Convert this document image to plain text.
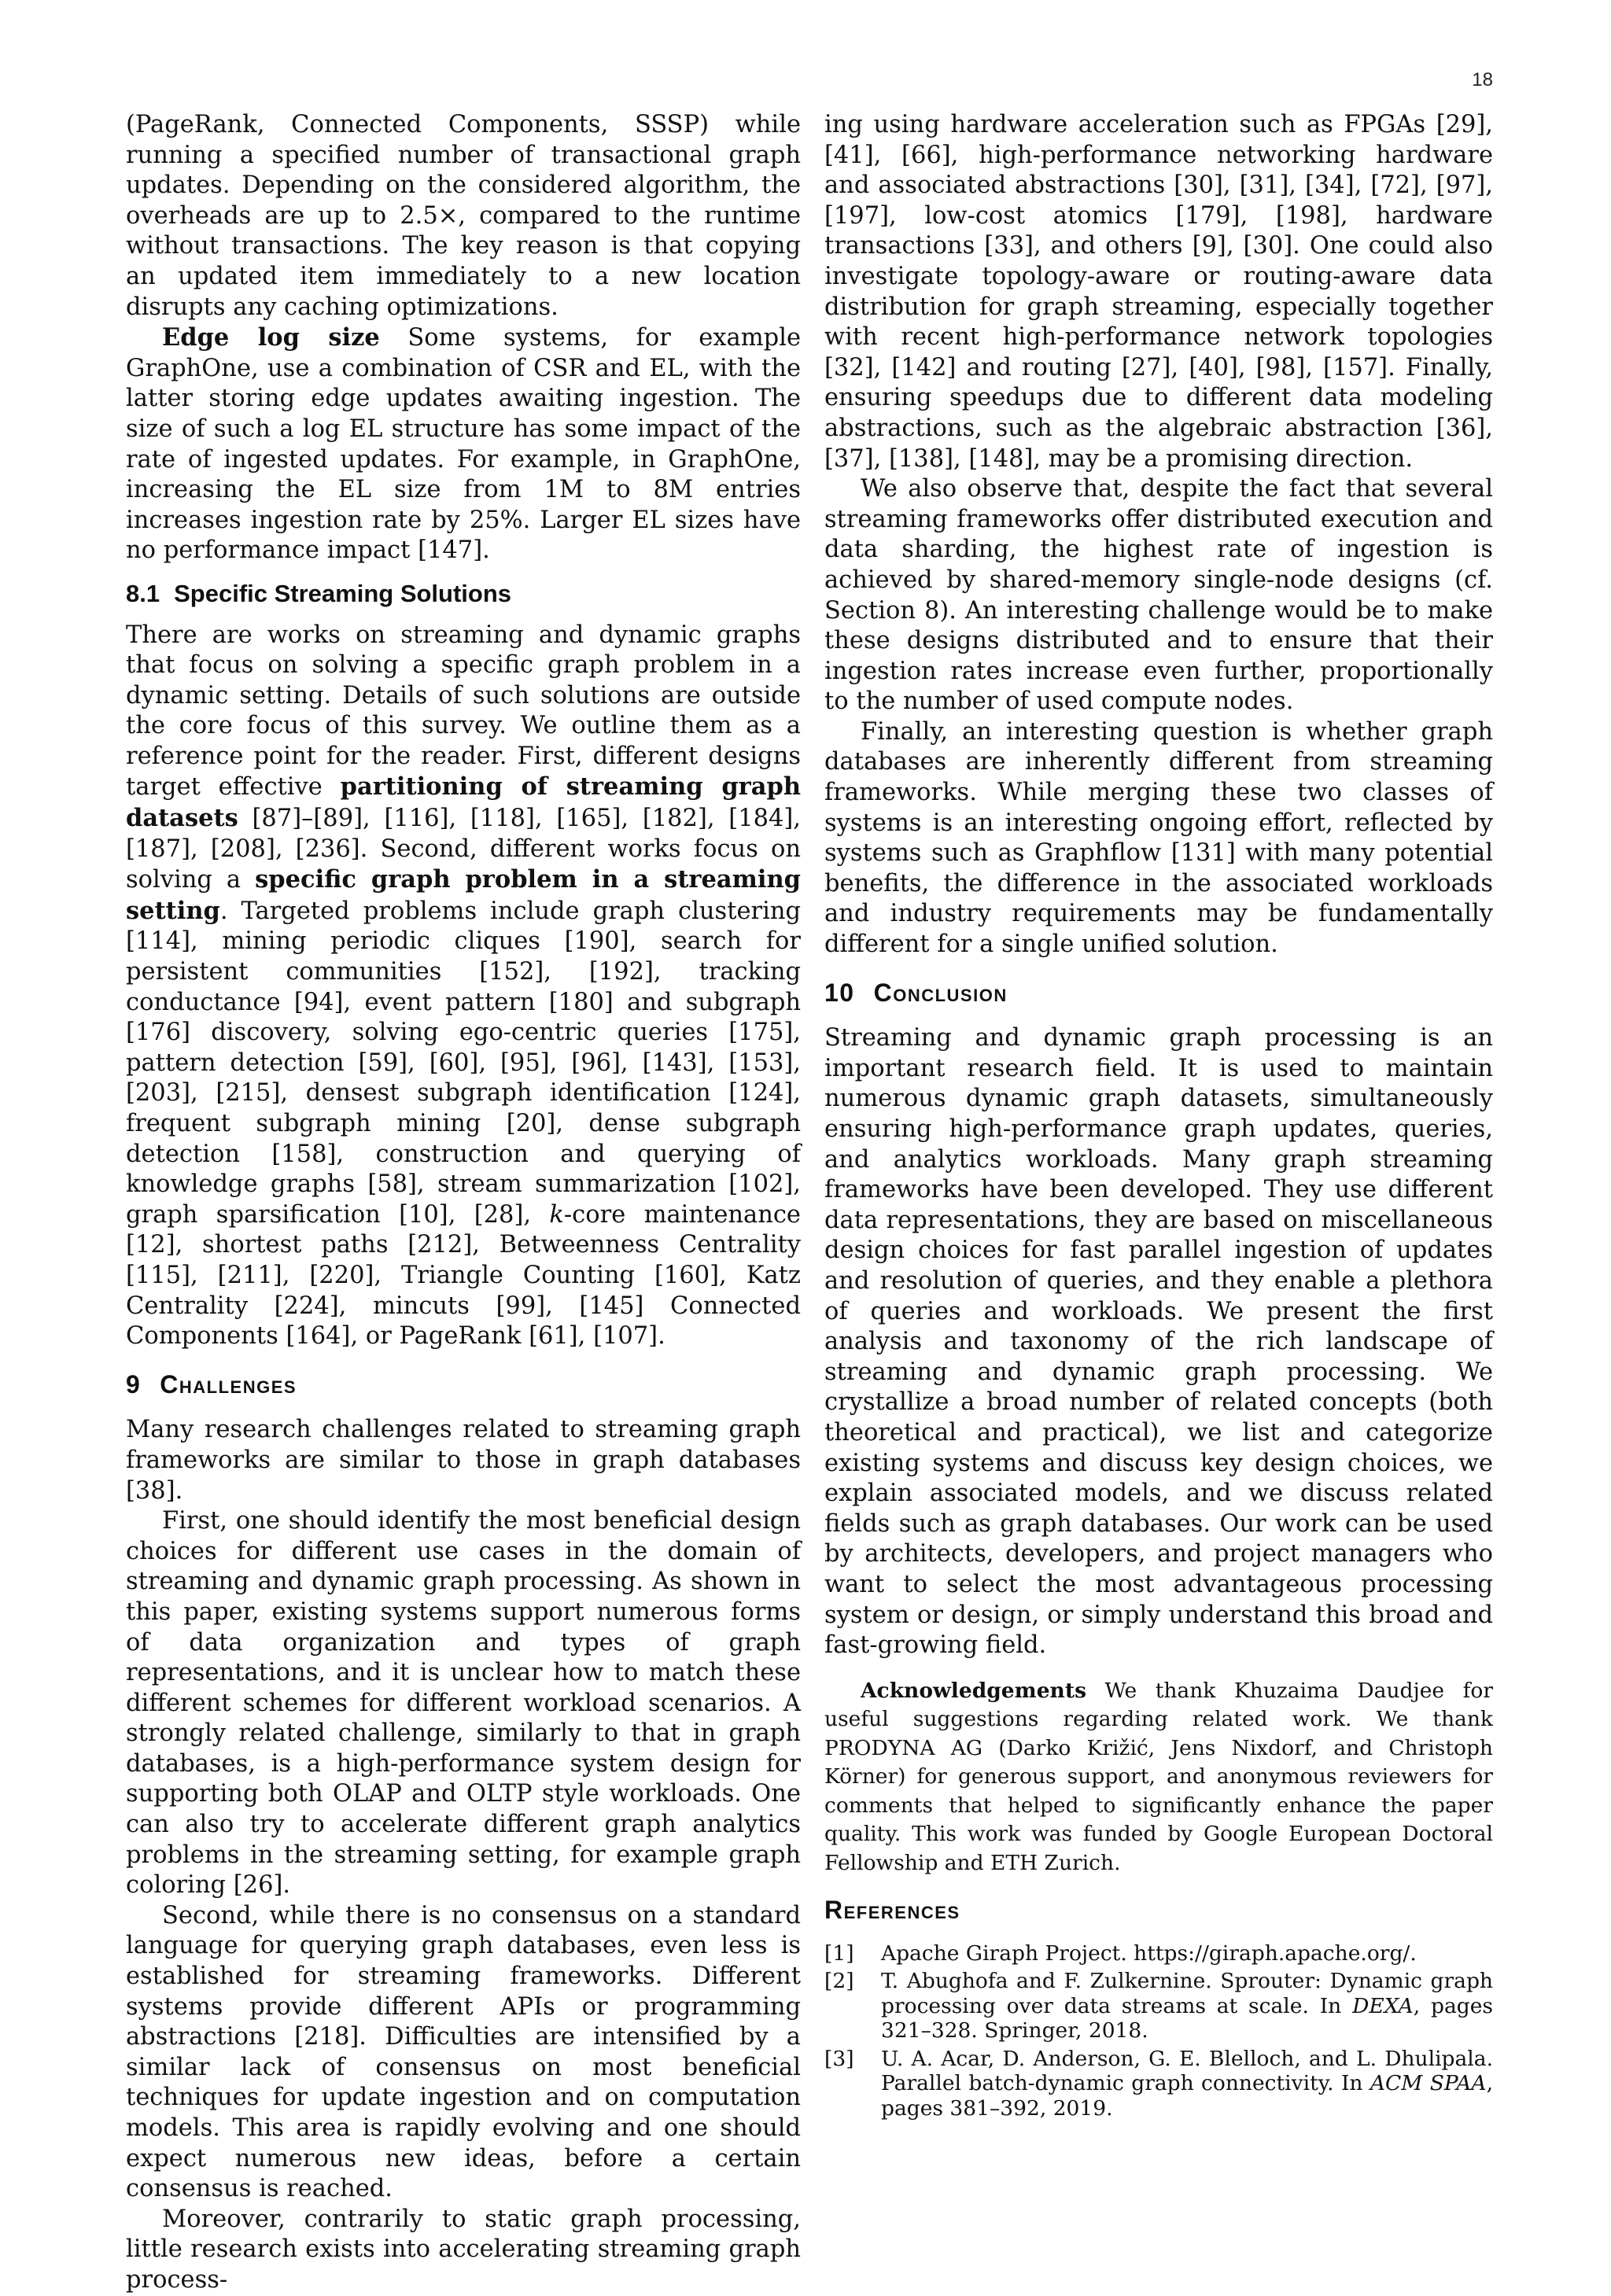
18

(PageRank, Connected Components, SSSP) while running a specified number of transactional graph updates. Depending on the considered algorithm, the overheads are up to 2.5×, compared to the runtime without transactions. The key reason is that copying an updated item immediately to a new location disrupts any caching optimizations.

Edge log size Some systems, for example GraphOne, use a combination of CSR and EL, with the latter storing edge updates awaiting ingestion. The size of such a log EL structure has some impact of the rate of ingested updates. For example, in GraphOne, increasing the EL size from 1M to 8M entries increases ingestion rate by 25%. Larger EL sizes have no performance impact [147].

8.1 Specific Streaming Solutions

There are works on streaming and dynamic graphs that focus on solving a specific graph problem in a dynamic setting. Details of such solutions are outside the core focus of this survey. We outline them as a reference point for the reader. First, different designs target effective partitioning of streaming graph datasets [87]–[89], [116], [118], [165], [182], [184], [187], [208], [236]. Second, different works focus on solving a specific graph problem in a streaming setting. Targeted problems include graph clustering [114], mining periodic cliques [190], search for persistent communities [152], [192], tracking conductance [94], event pattern [180] and subgraph [176] discovery, solving ego-centric queries [175], pattern detection [59], [60], [95], [96], [143], [153], [203], [215], densest subgraph identification [124], frequent subgraph mining [20], dense subgraph detection [158], construction and querying of knowledge graphs [58], stream summarization [102], graph sparsification [10], [28], k-core maintenance [12], shortest paths [212], Betweenness Centrality [115], [211], [220], Triangle Counting [160], Katz Centrality [224], mincuts [99], [145] Connected Components [164], or PageRank [61], [107].

9 Challenges

Many research challenges related to streaming graph frameworks are similar to those in graph databases [38].

First, one should identify the most beneficial design choices for different use cases in the domain of streaming and dynamic graph processing. As shown in this paper, existing systems support numerous forms of data organization and types of graph representations, and it is unclear how to match these different schemes for different workload scenarios. A strongly related challenge, similarly to that in graph databases, is a high-performance system design for supporting both OLAP and OLTP style workloads. One can also try to accelerate different graph analytics problems in the streaming setting, for example graph coloring [26].

Second, while there is no consensus on a standard language for querying graph databases, even less is established for streaming frameworks. Different systems provide different APIs or programming abstractions [218]. Difficulties are intensified by a similar lack of consensus on most beneficial techniques for update ingestion and on computation models. This area is rapidly evolving and one should expect numerous new ideas, before a certain consensus is reached.

Moreover, contrarily to static graph processing, little research exists into accelerating streaming graph process-

ing using hardware acceleration such as FPGAs [29], [41], [66], high-performance networking hardware and associated abstractions [30], [31], [34], [72], [97], [197], low-cost atomics [179], [198], hardware transactions [33], and others [9], [30]. One could also investigate topology-aware or routing-aware data distribution for graph streaming, especially together with recent high-performance network topologies [32], [142] and routing [27], [40], [98], [157]. Finally, ensuring speedups due to different data modeling abstractions, such as the algebraic abstraction [36], [37], [138], [148], may be a promising direction.

We also observe that, despite the fact that several streaming frameworks offer distributed execution and data sharding, the highest rate of ingestion is achieved by shared-memory single-node designs (cf. Section 8). An interesting challenge would be to make these designs distributed and to ensure that their ingestion rates increase even further, proportionally to the number of used compute nodes.

Finally, an interesting question is whether graph databases are inherently different from streaming frameworks. While merging these two classes of systems is an interesting ongoing effort, reflected by systems such as Graphflow [131] with many potential benefits, the difference in the associated workloads and industry requirements may be fundamentally different for a single unified solution.

10 Conclusion

Streaming and dynamic graph processing is an important research field. It is used to maintain numerous dynamic graph datasets, simultaneously ensuring high-performance graph updates, queries, and analytics workloads. Many graph streaming frameworks have been developed. They use different data representations, they are based on miscellaneous design choices for fast parallel ingestion of updates and resolution of queries, and they enable a plethora of queries and workloads. We present the first analysis and taxonomy of the rich landscape of streaming and dynamic graph processing. We crystallize a broad number of related concepts (both theoretical and practical), we list and categorize existing systems and discuss key design choices, we explain associated models, and we discuss related fields such as graph databases. Our work can be used by architects, developers, and project managers who want to select the most advantageous processing system or design, or simply understand this broad and fast-growing field.

Acknowledgements We thank Khuzaima Daudjee for useful suggestions regarding related work. We thank PRODYNA AG (Darko Križić, Jens Nixdorf, and Christoph Körner) for generous support, and anonymous reviewers for comments that helped to significantly enhance the paper quality. This work was funded by Google European Doctoral Fellowship and ETH Zurich.
References
[1]	Apache Giraph Project. https://giraph.apache.org/.
[2]	T. Abughofa and F. Zulkernine. Sprouter: Dynamic graph processing over data streams at scale. In DEXA, pages 321–328. Springer, 2018.
[3]	U. A. Acar, D. Anderson, G. E. Blelloch, and L. Dhulipala. Parallel batch-dynamic graph connectivity. In ACM SPAA, pages 381–392, 2019.
